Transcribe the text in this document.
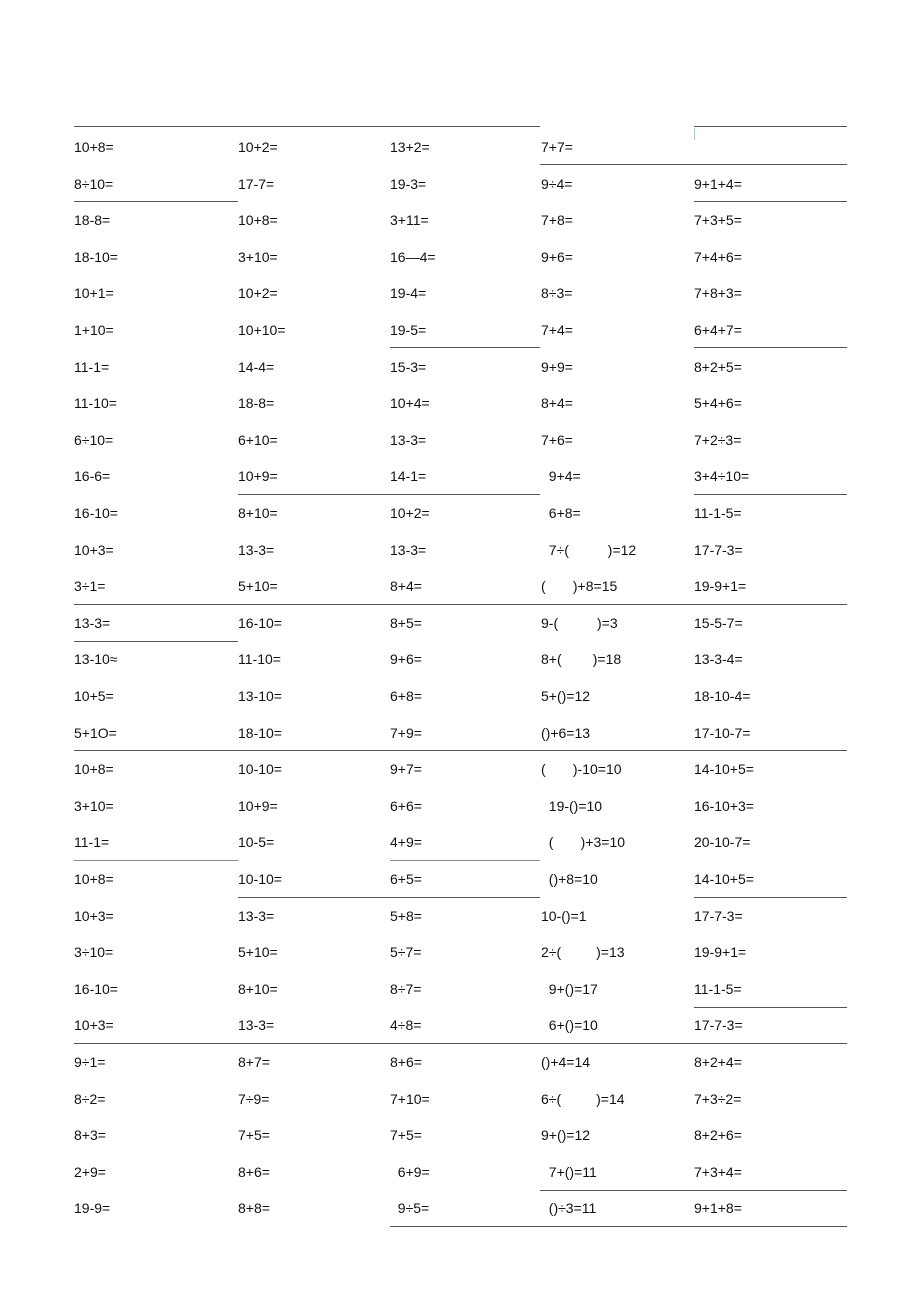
10+8=	10+2=	13+2=	7+7=
8÷10=	17-7=	19-3=	9÷4=	9+1+4=
18-8=	10+8=	3+11=	7+8=	7+3+5=
18-10=	3+10=	16—4=	9+6=	7+4+6=
10+1=	10+2=	19-4=	8÷3=	7+8+3=
1+10=	10+10=	19-5=	7+4=	6+4+7=
11-1=	14-4=	15-3=	9+9=	8+2+5=
11-10=	18-8=	10+4=	8+4=	5+4+6=
6÷10=	6+10=	13-3=	7+6=	7+2÷3=
16-6=	10+9=	14-1=	9+4=	3+4÷10=
16-10=	8+10=	10+2=	6+8=	11-1-5=
10+3=	13-3=	13-3=	7÷(          )=12	17-7-3=
3÷1=	5+10=	8+4=	(       )+8=15	19-9+1=
13-3=	16-10=	8+5=	9-(          )=3	15-5-7=
13-10≈	11-10=	9+6=	8+(        )=18	13-3-4=
10+5=	13-10=	6+8=	5+()=12	18-10-4=
5+1O=	18-10=	7+9=	()+6=13	17-10-7=
10+8=	10-10=	9+7=	(       )-10=10	14-10+5=
3+10=	10+9=	6+6=	19-()=10	16-10+3=
11-1=	10-5=	4+9=	(       )+3=10	20-10-7=
10+8=	10-10=	6+5=	()+8=10	14-10+5=
10+3=	13-3=	5+8=	10-()=1	17-7-3=
3÷10=	5+10=	5÷7=	2÷(         )=13	19-9+1=
16-10=	8+10=	8÷7=	9+()=17	11-1-5=
10+3=	13-3=	4÷8=	6+()=10	17-7-3=
9÷1=	8+7=	8+6=	()+4=14	8+2+4=
8÷2=	7÷9=	7+10=	6÷(         )=14	7+3÷2=
8+3=	7+5=	7+5=	9+()=12	8+2+6=
2+9=	8+6=	6+9=	7+()=11	7+3+4=
19-9=	8+8=	9÷5=	()÷3=11	9+1+8=
